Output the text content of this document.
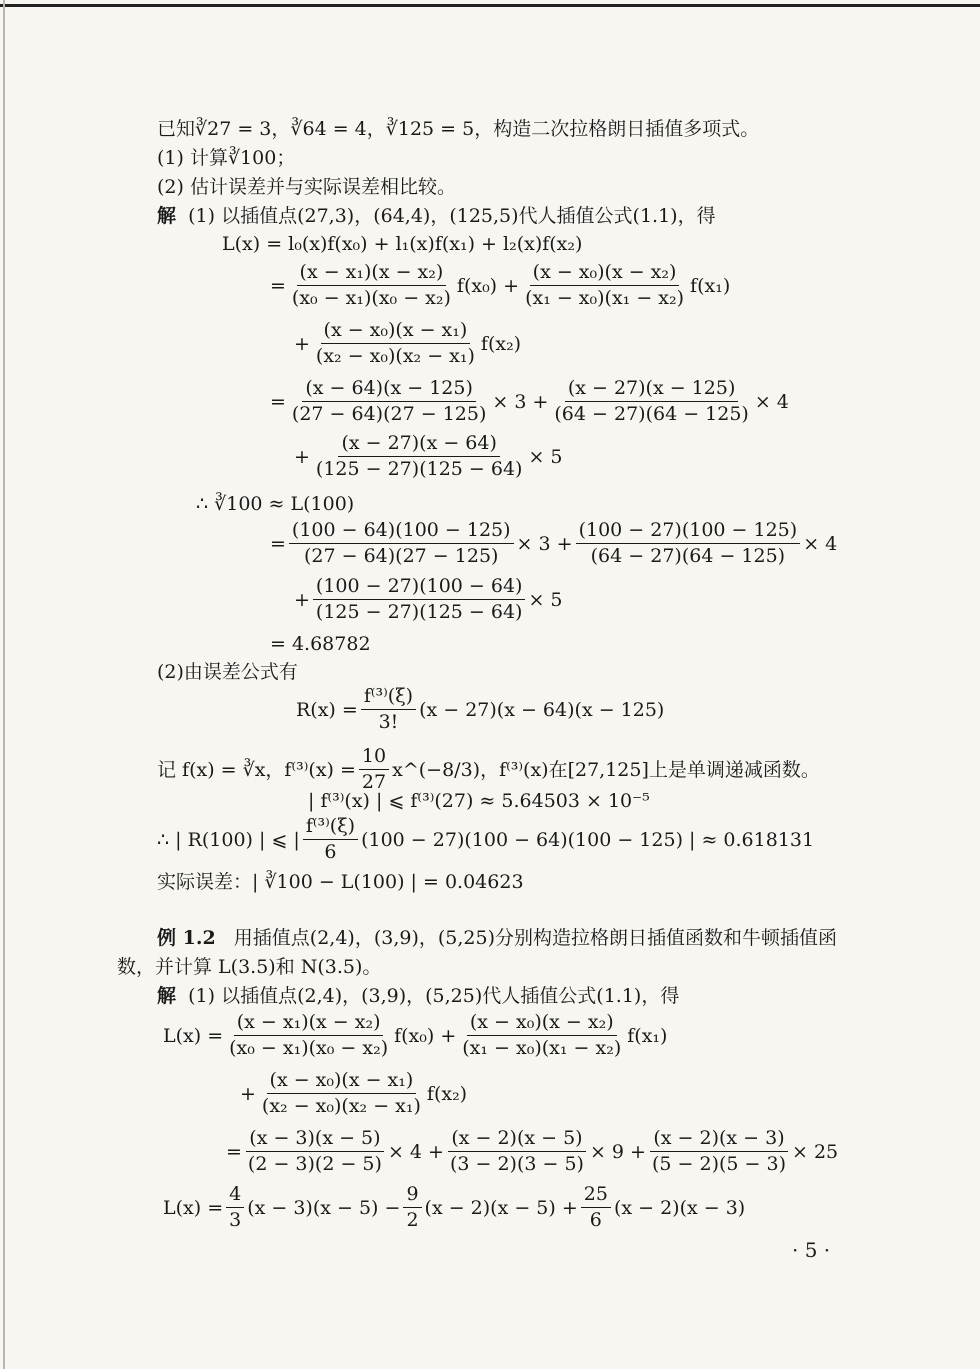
已知∛27 = 3，∛64 = 4，∛125 = 5，构造二次拉格朗日插值多项式。
(1) 计算∛100；
(2) 估计误差并与实际误差相比较。
解
(1) 以插值点(27,3)，(64,4)，(125,5)代人插值公式(1.1)，得
L(x) = l₀(x)f(x₀) + l₁(x)f(x₁) + l₂(x)f(x₂)
= $\frac{\text{(x − x₁)(x − x₂)}}{\text{(x₀ − x₁)(x₀ − x₂)}} f(x_0) + \frac{\text{(x − x₀)(x − x₂)}}{\text{(x₁ − x₀)(x₁ − x₂)}} f(x_1)$
+ $\frac{\text{(x − x₀)(x − x₁)}}{\text{(x₂ − x₀)(x₂ − x₁)}} f(x_2)$
= $\frac{(x - 64)(x - 125)}{(27 - 64)(27 - 125)} \times 3 + \frac{(x - 27)(x - 125)}{(64 - 27)(64 - 125)} \times 4$
+ $\frac{(x - 27)(x - 64)}{(125 - 27)(125 - 64)} \times 5$
∴ ∛100 ≈ L(100)
= $\frac{(100 - 64)(100 - 125)}{(27 - 64)(27 - 125)} \times 3 + \frac{(100 - 27)(100 - 125)}{(64 - 27)(64 - 125)} \times 4$
+ $\frac{(100 - 27)(100 - 64)}{(125 - 27)(125 - 64)} \times 5$
= 4.68782
(2)由误差公式有
$R(x) = \frac{\text{f⁽³⁾(ξ)}}{3!} (x - 27)(x - 64)(x - 125)$
记 f(x) = ∛x，$f^{(3)}(x) = \frac{10}{27}$ x^(−8/3)，f⁽³⁾(x)在[27,125]上是单调递减函数。
| f⁽³⁾(x) | ⩽ f⁽³⁾(27) ≈ 5.64503 × 10⁻⁵
∴ | R(100) | ⩽ |
f⁽³⁾(ξ)
6
(100 − 27)(100 − 64)(100 − 125) | ≈ 0.618131
实际误差：| ∛100 − L(100) | = 0.04623
例 1.2
用插值点(2,4)，(3,9)，(5,25)分别构造拉格朗日插值函数和牛顿插值函
数，并计算 L(3.5)和 N(3.5)。
解
(1) 以插值点(2,4)，(3,9)，(5,25)代人插值公式(1.1)，得
$L(x) = \frac{\text{(x − x₁)(x − x₂)}}{\text{(x₀ − x₁)(x₀ − x₂)}} f(x_0) + \frac{\text{(x − x₀)(x − x₂)}}{\text{(x₁ − x₀)(x₁ − x₂)}} f(x_1)$
+ $\frac{\text{(x − x₀)(x − x₁)}}{\text{(x₂ − x₀)(x₂ − x₁)}} f(x_2)$
= $\frac{(x - 3)(x - 5)}{(2 - 3)(2 - 5)} \times 4 + \frac{(x - 2)(x - 5)}{(3 - 2)(3 - 5)} \times 9 + \frac{(x - 2)(x - 3)}{(5 - 2)(5 - 3)} \times 25$
$L(x) = \frac{4}{3} (x - 3)(x - 5) - \frac{9}{2} (x - 2)(x - 5) + \frac{25}{6} (x - 2)(x - 3)$
· 5 ·
